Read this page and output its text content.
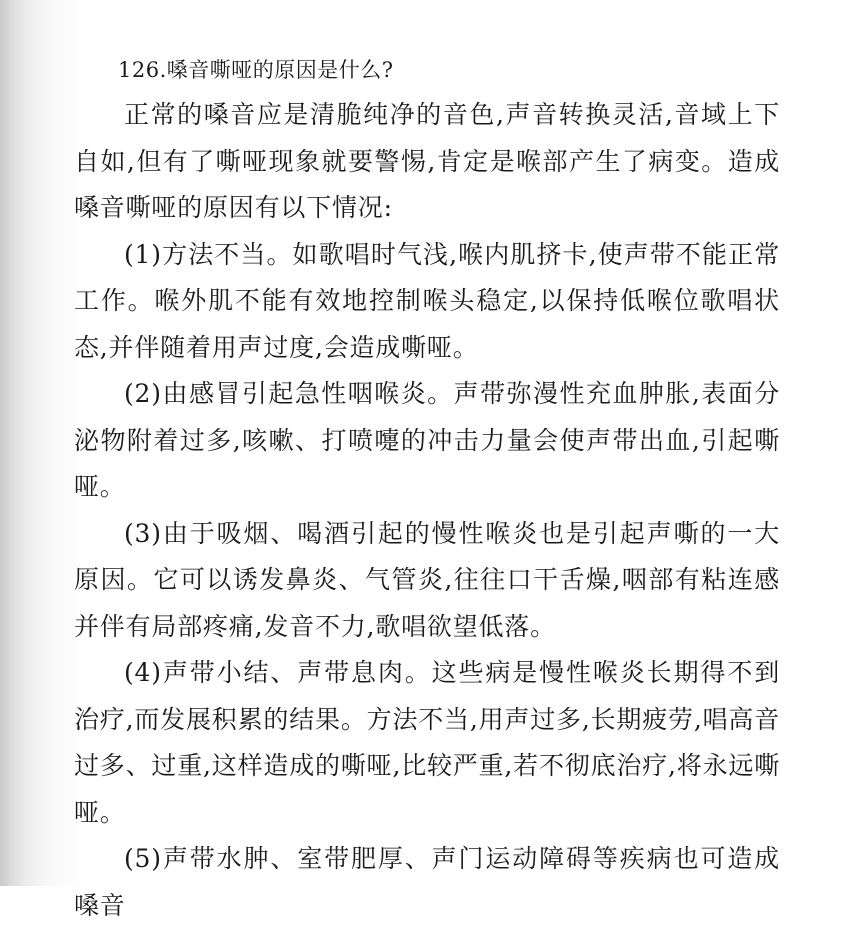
126.嗓音嘶哑的原因是什么?

正常的嗓音应是清脆纯净的音色,声音转换灵活,音域上下自如,但有了嘶哑现象就要警惕,肯定是喉部产生了病变。造成嗓音嘶哑的原因有以下情况:

(1)方法不当。如歌唱时气浅,喉内肌挤卡,使声带不能正常工作。喉外肌不能有效地控制喉头稳定,以保持低喉位歌唱状态,并伴随着用声过度,会造成嘶哑。

(2)由感冒引起急性咽喉炎。声带弥漫性充血肿胀,表面分泌物附着过多,咳嗽、打喷嚏的冲击力量会使声带出血,引起嘶哑。

(3)由于吸烟、喝酒引起的慢性喉炎也是引起声嘶的一大原因。它可以诱发鼻炎、气管炎,往往口干舌燥,咽部有粘连感并伴有局部疼痛,发音不力,歌唱欲望低落。

(4)声带小结、声带息肉。这些病是慢性喉炎长期得不到治疗,而发展积累的结果。方法不当,用声过多,长期疲劳,唱高音过多、过重,这样造成的嘶哑,比较严重,若不彻底治疗,将永远嘶哑。

(5)声带水肿、室带肥厚、声门运动障碍等疾病也可造成嗓音
